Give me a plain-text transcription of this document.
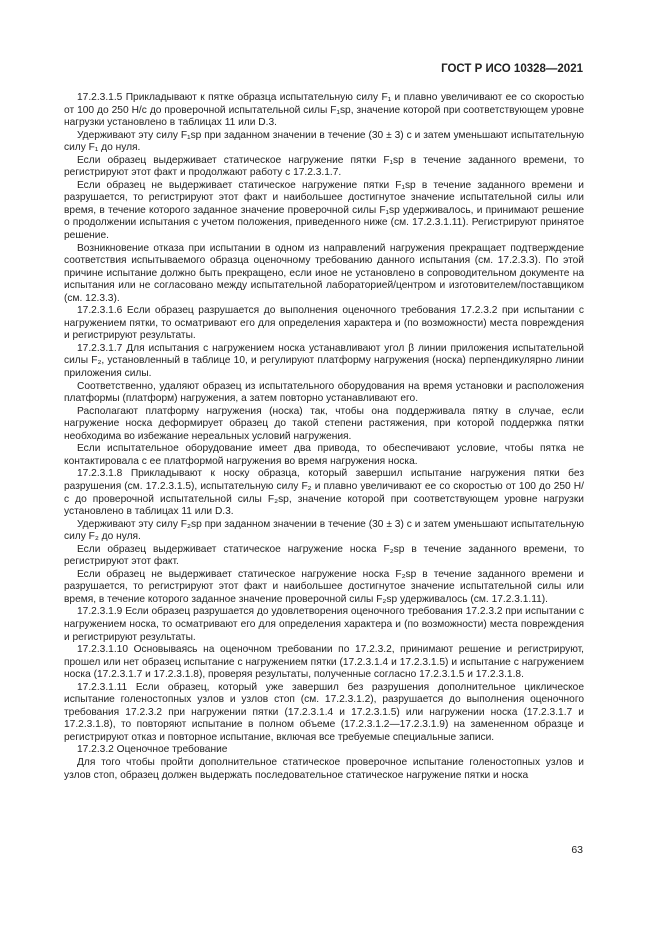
ГОСТ Р ИСО 10328—2021

17.2.3.1.5 Прикладывают к пятке образца испытательную силу F₁ и плавно увеличивают ее со скоростью от 100 до 250 Н/с до проверочной испытательной силы F₁sp, значение которой при соответствующем уровне нагрузки установлено в таблицах 11 или D.3.

Удерживают эту силу F₁sp при заданном значении в течение (30 ± 3) с и затем уменьшают испытательную силу F₁ до нуля.

Если образец выдерживает статическое нагружение пятки F₁sp в течение заданного времени, то регистрируют этот факт и продолжают работу с 17.2.3.1.7.

Если образец не выдерживает статическое нагружение пятки F₁sp в течение заданного времени и разрушается, то регистрируют этот факт и наибольшее достигнутое значение испытательной силы или время, в течение которого заданное значение проверочной силы F₁sp удерживалось, и принимают решение о продолжении испытания с учетом положения, приведенного ниже (см. 17.2.3.1.11). Регистрируют принятое решение.

Возникновение отказа при испытании в одном из направлений нагружения прекращает подтверждение соответствия испытываемого образца оценочному требованию данного испытания (см. 17.2.3.3). По этой причине испытание должно быть прекращено, если иное не установлено в сопроводительном документе на испытания или не согласовано между испытательной лабораторией/центром и изготовителем/поставщиком (см. 12.3.3).

17.2.3.1.6 Если образец разрушается до выполнения оценочного требования 17.2.3.2 при испытании с нагружением пятки, то осматривают его для определения характера и (по возможности) места повреждения и регистрируют результаты.

17.2.3.1.7 Для испытания с нагружением носка устанавливают угол β линии приложения испытательной силы F₂, установленный в таблице 10, и регулируют платформу нагружения (носка) перпендикулярно линии приложения силы.

Соответственно, удаляют образец из испытательного оборудования на время установки и расположения платформы (платформ) нагружения, а затем повторно устанавливают его.

Располагают платформу нагружения (носка) так, чтобы она поддерживала пятку в случае, если нагружение носка деформирует образец до такой степени растяжения, при которой поддержка пятки необходима во избежание нереальных условий нагружения.

Если испытательное оборудование имеет два привода, то обеспечивают условие, чтобы пятка не контактировала с ее платформой нагружения во время нагружения носка.

17.2.3.1.8 Прикладывают к носку образца, который завершил испытание нагружения пятки без разрушения (см. 17.2.3.1.5), испытательную силу F₂ и плавно увеличивают ее со скоростью от 100 до 250 Н/с до проверочной испытательной силы F₂sp, значение которой при соответствующем уровне нагрузки установлено в таблицах 11 или D.3.

Удерживают эту силу F₂sp при заданном значении в течение (30 ± 3) с и затем уменьшают испытательную силу F₂ до нуля.

Если образец выдерживает статическое нагружение носка F₂sp в течение заданного времени, то регистрируют этот факт.

Если образец не выдерживает статическое нагружение носка F₂sp в течение заданного времени и разрушается, то регистрируют этот факт и наибольшее достигнутое значение испытательной силы или время, в течение которого заданное значение проверочной силы F₂sp удерживалось (см. 17.2.3.1.11).

17.2.3.1.9 Если образец разрушается до удовлетворения оценочного требования 17.2.3.2 при испытании с нагружением носка, то осматривают его для определения характера и (по возможности) места повреждения и регистрируют результаты.

17.2.3.1.10 Основываясь на оценочном требовании по 17.2.3.2, принимают решение и регистрируют, прошел или нет образец испытание с нагружением пятки (17.2.3.1.4 и 17.2.3.1.5) и испытание с нагружением носка (17.2.3.1.7 и 17.2.3.1.8), проверяя результаты, полученные согласно 17.2.3.1.5 и 17.2.3.1.8.

17.2.3.1.11 Если образец, который уже завершил без разрушения дополнительное циклическое испытание голеностопных узлов и узлов стоп (см. 17.2.3.1.2), разрушается до выполнения оценочного требования 17.2.3.2 при нагружении пятки (17.2.3.1.4 и 17.2.3.1.5) или нагружении носка (17.2.3.1.7 и 17.2.3.1.8), то повторяют испытание в полном объеме (17.2.3.1.2—17.2.3.1.9) на замененном образце и регистрируют отказ и повторное испытание, включая все требуемые специальные записи.

17.2.3.2 Оценочное требование

Для того чтобы пройти дополнительное статическое проверочное испытание голеностопных узлов и узлов стоп, образец должен выдержать последовательное статическое нагружение пятки и носка

63
